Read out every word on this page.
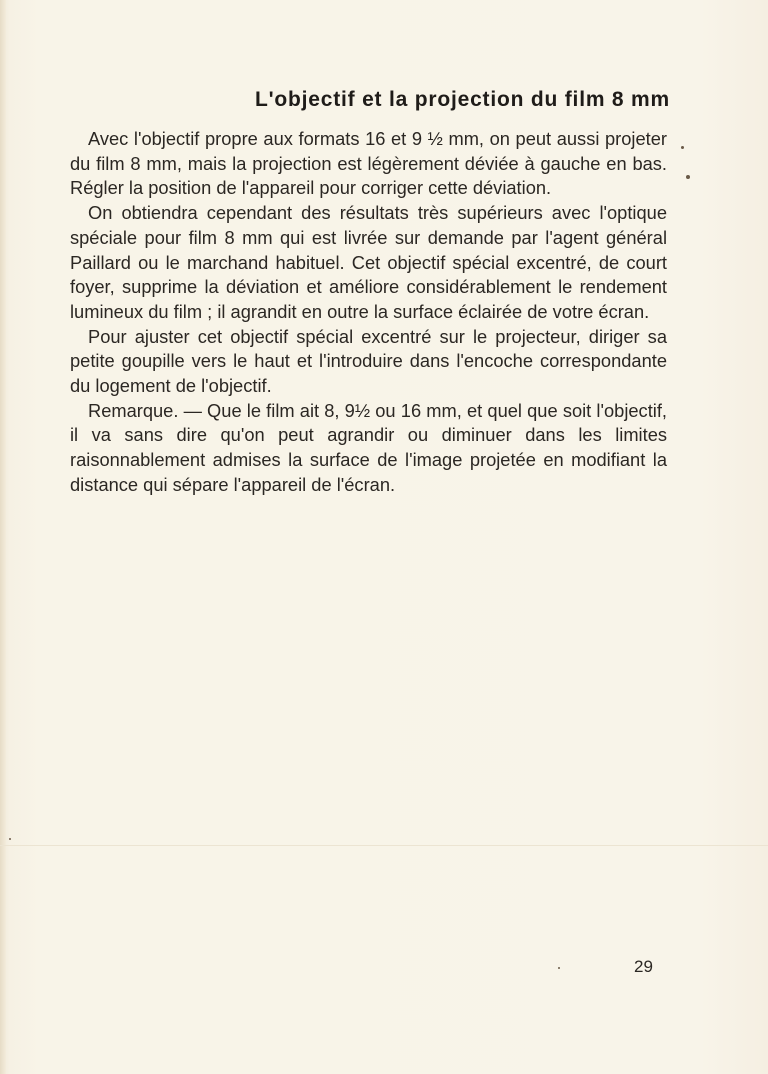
L'objectif et la projection du film 8 mm

Avec l'objectif propre aux formats 16 et 9 ½ mm, on peut aussi projeter du film 8 mm, mais la projection est légèrement déviée à gauche en bas. Régler la position de l'appareil pour corriger cette déviation.

On obtiendra cependant des résultats très supérieurs avec l'optique spéciale pour film 8 mm qui est livrée sur demande par l'agent général Paillard ou le marchand habituel. Cet objectif spécial excentré, de court foyer, supprime la déviation et améliore considérablement le rendement lumineux du film ; il agrandit en outre la surface éclairée de votre écran.

Pour ajuster cet objectif spécial excentré sur le projecteur, diriger sa petite goupille vers le haut et l'introduire dans l'encoche correspondante du logement de l'objectif.

Remarque. — Que le film ait 8, 9½ ou 16 mm, et quel que soit l'objectif, il va sans dire qu'on peut agrandir ou diminuer dans les limites raisonnablement admises la surface de l'image projetée en modifiant la distance qui sépare l'appareil de l'écran.

29
